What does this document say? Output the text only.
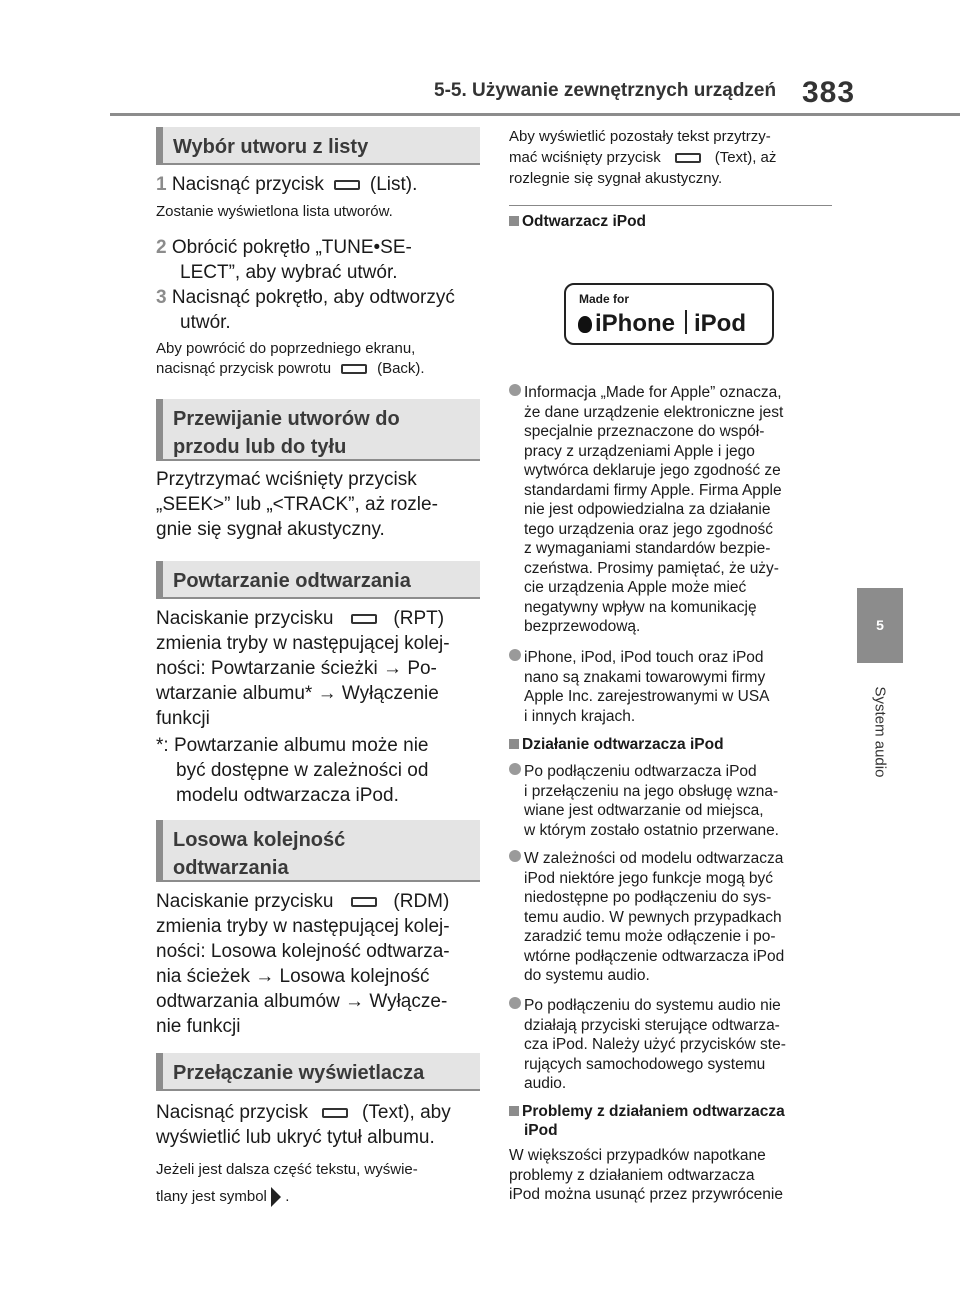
5-5. Używanie zewnętrznych urządzeń 383
5
System audio
Wybór utworu z listy
1 Nacisnąć przycisk (List).
Zostanie wyświetlona lista utworów.
2 Obrócić pokrętło „TUNE•SE-
LECT”, aby wybrać utwór.
3 Nacisnąć pokrętło, aby odtworzyć
utwór.
Aby powrócić do poprzedniego ekranu,
nacisnąć przycisk powrotu	(Back).
Przewijanie utworów do
przodu lub do tyłu
Przytrzymać wciśnięty przycisk
„SEEK>” lub „<TRACK”, aż rozle-
gnie się sygnał akustyczny.
Powtarzanie odtwarzania
Naciskanie przycisku	(RPT)
zmienia tryby w następującej kolej-
ności: Powtarzanie ścieżki → Po-
wtarzanie albumu* → Wyłączenie
funkcji
*: Powtarzanie albumu może nie
być dostępne w zależności od
modelu odtwarzacza iPod.
Losowa kolejność
odtwarzania
Naciskanie przycisku	(RDM)
zmienia tryby w następującej kolej-
ności: Losowa kolejność odtwarza-
nia ścieżek → Losowa kolejność
odtwarzania albumów → Wyłącze-
nie funkcji
Przełączanie wyświetlacza
Nacisnąć przycisk	(Text), aby
wyświetlić lub ukryć tytuł albumu.
Jeżeli jest dalsza część tekstu, wyświe-
tlany jest symbol .
Aby wyświetlić pozostały tekst przytrzy-
mać wciśnięty przycisk	(Text), aż
rozlegnie się sygnał akustyczny.
Odtwarzacz iPod
Made for
iPhone iPod
Informacja „Made for Apple” oznacza,
że dane urządzenie elektroniczne jest
specjalnie przeznaczone do współ-
pracy z urządzeniami Apple i jego
wytwórca deklaruje jego zgodność ze
standardami firmy Apple. Firma Apple
nie jest odpowiedzialna za działanie
tego urządzenia oraz jego zgodność
z wymaganiami standardów bezpie-
czeństwa. Prosimy pamiętać, że uży-
cie urządzenia Apple może mieć
negatywny wpływ na komunikację
bezprzewodową.
iPhone, iPod, iPod touch oraz iPod
nano są znakami towarowymi firmy
Apple Inc. zarejestrowanymi w USA
i innych krajach.
Działanie odtwarzacza iPod
Po podłączeniu odtwarzacza iPod
i przełączeniu na jego obsługę wzna-
wiane jest odtwarzanie od miejsca,
w którym zostało ostatnio przerwane.
W zależności od modelu odtwarzacza
iPod niektóre jego funkcje mogą być
niedostępne po podłączeniu do sys-
temu audio. W pewnych przypadkach
zaradzić temu może odłączenie i po-
wtórne podłączenie odtwarzacza iPod
do systemu audio.
Po podłączeniu do systemu audio nie
działają przyciski sterujące odtwarza-
cza iPod. Należy użyć przycisków ste-
rujących samochodowego systemu
audio.
Problemy z działaniem odtwarzacza
iPod
W większości przypadków napotkane
problemy z działaniem odtwarzacza
iPod można usunąć przez przywrócenie
